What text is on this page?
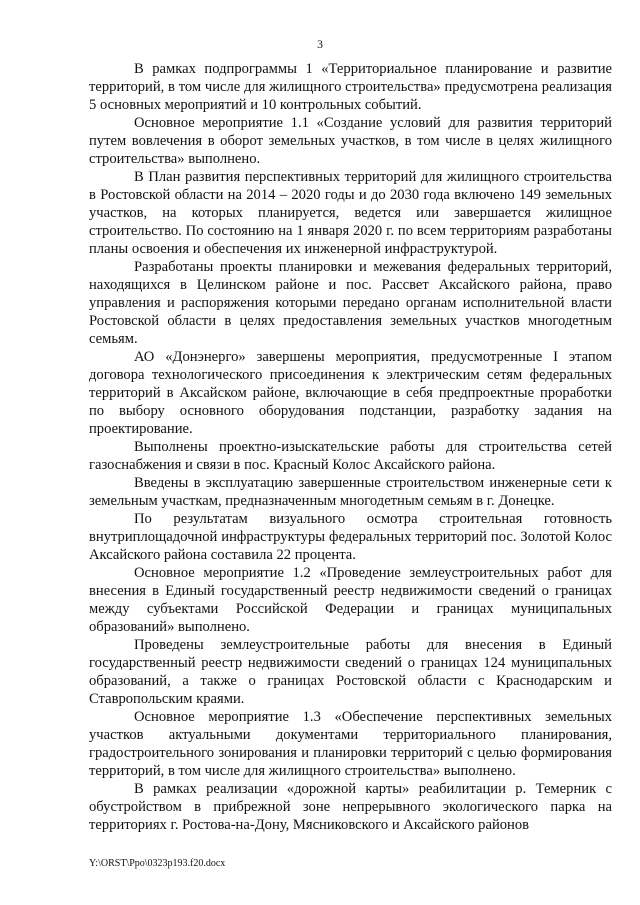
3

В рамках подпрограммы 1 «Территориальное планирование и развитие территорий, в том числе для жилищного строительства» предусмотрена реализация 5 основных мероприятий и 10 контрольных событий.

Основное мероприятие 1.1 «Создание условий для развития территорий путем вовлечения в оборот земельных участков, в том числе в целях жилищного строительства» выполнено.

В План развития перспективных территорий для жилищного строительства в Ростовской области на 2014 – 2020 годы и до 2030 года включено 149 земельных участков, на которых планируется, ведется или завершается жилищное строительство. По состоянию на 1 января 2020 г. по всем территориям разработаны планы освоения и обеспечения их инженерной инфраструктурой.

Разработаны проекты планировки и межевания федеральных территорий, находящихся в Целинском районе и пос. Рассвет Аксайского района, право управления и распоряжения которыми передано органам исполнительной власти Ростовской области в целях предоставления земельных участков многодетным семьям.

АО «Донэнерго» завершены мероприятия, предусмотренные I этапом договора технологического присоединения к электрическим сетям федеральных территорий в Аксайском районе, включающие в себя предпроектные проработки по выбору основного оборудования подстанции, разработку задания на проектирование.

Выполнены проектно-изыскательские работы для строительства сетей газоснабжения и связи в пос. Красный Колос Аксайского района.

Введены в эксплуатацию завершенные строительством инженерные сети к земельным участкам, предназначенным многодетным семьям в г. Донецке.

По результатам визуального осмотра строительная готовность внутриплощадочной инфраструктуры федеральных территорий пос. Золотой Колос Аксайского района составила 22 процента.

Основное мероприятие 1.2 «Проведение землеустроительных работ для внесения в Единый государственный реестр недвижимости сведений о границах между субъектами Российской Федерации и границах муниципальных образований» выполнено.

Проведены землеустроительные работы для внесения в Единый государственный реестр недвижимости сведений о границах 124 муниципальных образований, а также о границах Ростовской области с Краснодарским и Ставропольским краями.

Основное мероприятие 1.3 «Обеспечение перспективных земельных участков актуальными документами территориального планирования, градостроительного зонирования и планировки территорий с целью формирования территорий, в том числе для жилищного строительства» выполнено.

В рамках реализации «дорожной карты» реабилитации р. Темерник с обустройством в прибрежной зоне непрерывного экологического парка на территориях г. Ростова-на-Дону, Мясниковского и Аксайского районов

Y:\ORST\Ppo\0323p193.f20.docx
